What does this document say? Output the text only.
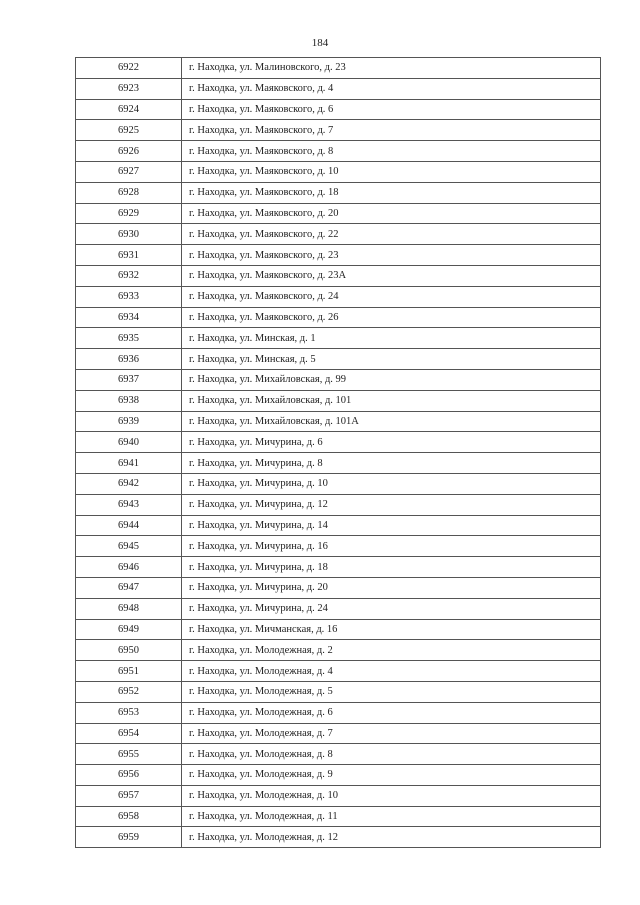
184
6922	г. Находка, ул. Малиновского, д. 23
6923	г. Находка, ул. Маяковского, д. 4
6924	г. Находка, ул. Маяковского, д. 6
6925	г. Находка, ул. Маяковского, д. 7
6926	г. Находка, ул. Маяковского, д. 8
6927	г. Находка, ул. Маяковского, д. 10
6928	г. Находка, ул. Маяковского, д. 18
6929	г. Находка, ул. Маяковского, д. 20
6930	г. Находка, ул. Маяковского, д. 22
6931	г. Находка, ул. Маяковского, д. 23
6932	г. Находка, ул. Маяковского, д. 23А
6933	г. Находка, ул. Маяковского, д. 24
6934	г. Находка, ул. Маяковского, д. 26
6935	г. Находка, ул. Минская, д. 1
6936	г. Находка, ул. Минская, д. 5
6937	г. Находка, ул. Михайловская, д. 99
6938	г. Находка, ул. Михайловская, д. 101
6939	г. Находка, ул. Михайловская, д. 101А
6940	г. Находка, ул. Мичурина, д. 6
6941	г. Находка, ул. Мичурина, д. 8
6942	г. Находка, ул. Мичурина, д. 10
6943	г. Находка, ул. Мичурина, д. 12
6944	г. Находка, ул. Мичурина, д. 14
6945	г. Находка, ул. Мичурина, д. 16
6946	г. Находка, ул. Мичурина, д. 18
6947	г. Находка, ул. Мичурина, д. 20
6948	г. Находка, ул. Мичурина, д. 24
6949	г. Находка, ул. Мичманская, д. 16
6950	г. Находка, ул. Молодежная, д. 2
6951	г. Находка, ул. Молодежная, д. 4
6952	г. Находка, ул. Молодежная, д. 5
6953	г. Находка, ул. Молодежная, д. 6
6954	г. Находка, ул. Молодежная, д. 7
6955	г. Находка, ул. Молодежная, д. 8
6956	г. Находка, ул. Молодежная, д. 9
6957	г. Находка, ул. Молодежная, д. 10
6958	г. Находка, ул. Молодежная, д. 11
6959	г. Находка, ул. Молодежная, д. 12
